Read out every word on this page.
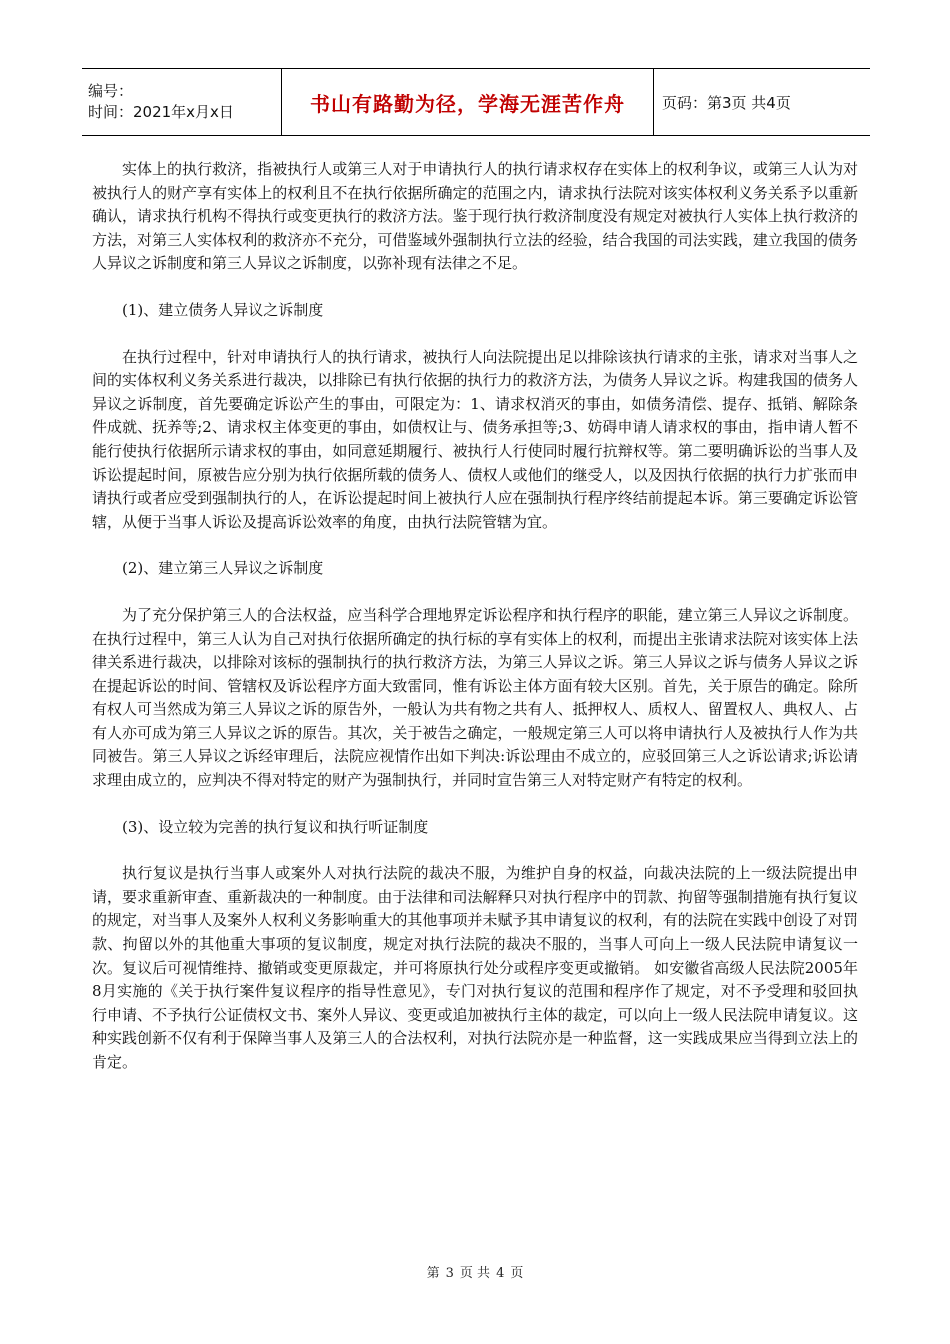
编号：
时间：2021年x月x日	书山有路勤为径，学海无涯苦作舟	页码：第3页 共4页

实体上的执行救济，指被执行人或第三人对于申请执行人的执行请求权存在实体上的权利争议，或第三人认为对被执行人的财产享有实体上的权利且不在执行依据所确定的范围之内，请求执行法院对该实体权利义务关系予以重新确认，请求执行机构不得执行或变更执行的救济方法。鉴于现行执行救济制度没有规定对被执行人实体上执行救济的方法，对第三人实体权利的救济亦不充分，可借鉴域外强制执行立法的经验，结合我国的司法实践，建立我国的债务人异议之诉制度和第三人异议之诉制度，以弥补现有法律之不足。

(1)、建立债务人异议之诉制度

在执行过程中，针对申请执行人的执行请求，被执行人向法院提出足以排除该执行请求的主张，请求对当事人之间的实体权利义务关系进行裁决，以排除已有执行依据的执行力的救济方法，为债务人异议之诉。构建我国的债务人异议之诉制度，首先要确定诉讼产生的事由，可限定为：1、请求权消灭的事由，如债务清偿、提存、抵销、解除条件成就、抚养等;2、请求权主体变更的事由，如债权让与、债务承担等;3、妨碍申请人请求权的事由，指申请人暂不能行使执行依据所示请求权的事由，如同意延期履行、被执行人行使同时履行抗辩权等。第二要明确诉讼的当事人及诉讼提起时间，原被告应分别为执行依据所载的债务人、债权人或他们的继受人，以及因执行依据的执行力扩张而申请执行或者应受到强制执行的人，在诉讼提起时间上被执行人应在强制执行程序终结前提起本诉。第三要确定诉讼管辖，从便于当事人诉讼及提高诉讼效率的角度，由执行法院管辖为宜。

(2)、建立第三人异议之诉制度

为了充分保护第三人的合法权益，应当科学合理地界定诉讼程序和执行程序的职能，建立第三人异议之诉制度。 在执行过程中，第三人认为自己对执行依据所确定的执行标的享有实体上的权利，而提出主张请求法院对该实体上法律关系进行裁决，以排除对该标的强制执行的执行救济方法，为第三人异议之诉。第三人异议之诉与债务人异议之诉在提起诉讼的时间、管辖权及诉讼程序方面大致雷同，惟有诉讼主体方面有较大区别。首先，关于原告的确定。除所有权人可当然成为第三人异议之诉的原告外，一般认为共有物之共有人、抵押权人、质权人、留置权人、典权人、占有人亦可成为第三人异议之诉的原告。其次，关于被告之确定，一般规定第三人可以将申请执行人及被执行人作为共同被告。第三人异议之诉经审理后，法院应视情作出如下判决:诉讼理由不成立的，应驳回第三人之诉讼请求;诉讼请求理由成立的，应判决不得对特定的财产为强制执行，并同时宣告第三人对特定财产有特定的权利。

(3)、设立较为完善的执行复议和执行听证制度

执行复议是执行当事人或案外人对执行法院的裁决不服，为维护自身的权益，向裁决法院的上一级法院提出申请，要求重新审查、重新裁决的一种制度。由于法律和司法解释只对执行程序中的罚款、拘留等强制措施有执行复议的规定，对当事人及案外人权利义务影响重大的其他事项并未赋予其申请复议的权利，有的法院在实践中创设了对罚款、拘留以外的其他重大事项的复议制度，规定对执行法院的裁决不服的，当事人可向上一级人民法院申请复议一次。复议后可视情维持、撤销或变更原裁定，并可将原执行处分或程序变更或撤销。 如安徽省高级人民法院2005年8月实施的《关于执行案件复议程序的指导性意见》，专门对执行复议的范围和程序作了规定，对不予受理和驳回执行申请、不予执行公证债权文书、案外人异议、变更或追加被执行主体的裁定，可以向上一级人民法院申请复议。这种实践创新不仅有利于保障当事人及第三人的合法权利，对执行法院亦是一种监督，这一实践成果应当得到立法上的肯定。

第 3 页 共 4 页
